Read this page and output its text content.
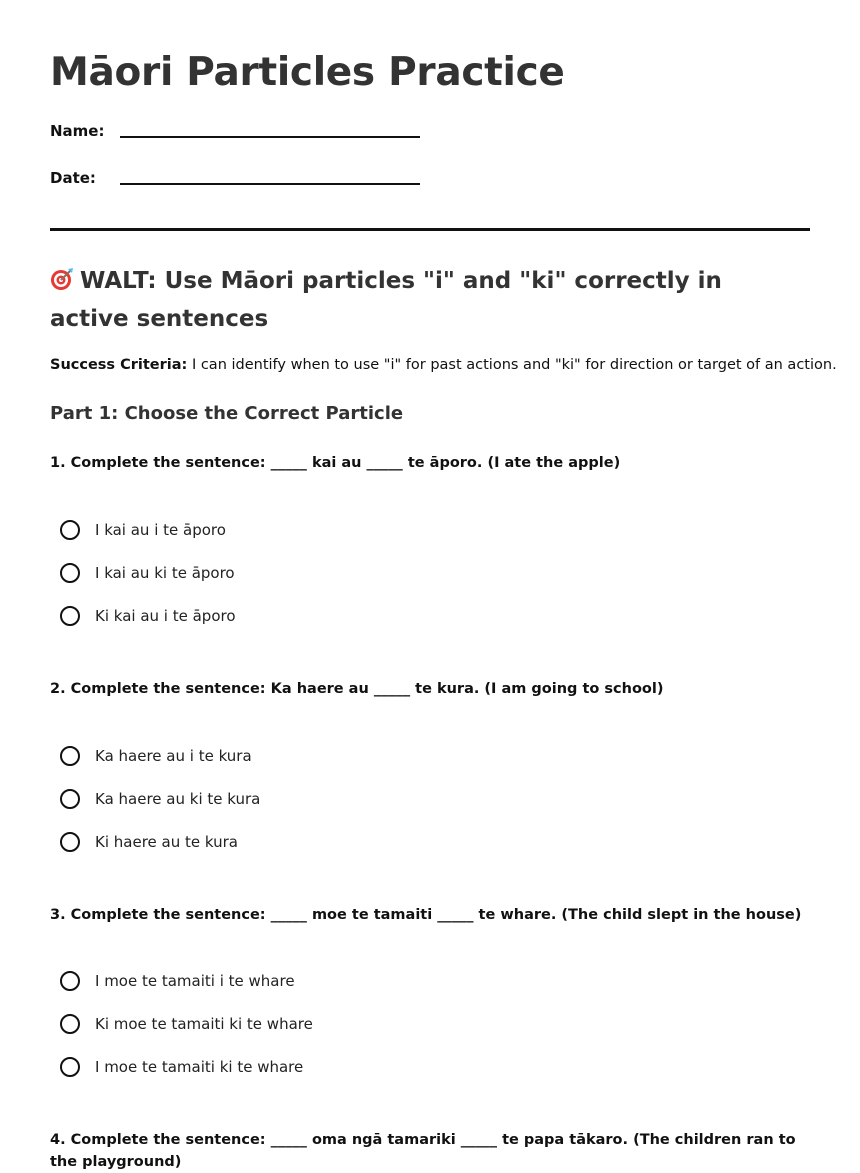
Māori Particles Practice
Name:
Date:
WALT: Use Māori particles "i" and "ki" correctly in active sentences
Success Criteria: I can identify when to use "i" for past actions and "ki" for direction or target of an action.
Part 1: Choose the Correct Particle

1. Complete the sentence: _____ kai au _____ te āporo. (I ate the apple)

I kai au i te āporo
I kai au ki te āporo
Ki kai au i te āporo

2. Complete the sentence: Ka haere au _____ te kura. (I am going to school)

Ka haere au i te kura
Ka haere au ki te kura
Ki haere au te kura

3. Complete the sentence: _____ moe te tamaiti _____ te whare. (The child slept in the house)

I moe te tamaiti i te whare
Ki moe te tamaiti ki te whare
I moe te tamaiti ki te whare

4. Complete the sentence: _____ oma ngā tamariki _____ te papa tākaro. (The children ran to the playground)
